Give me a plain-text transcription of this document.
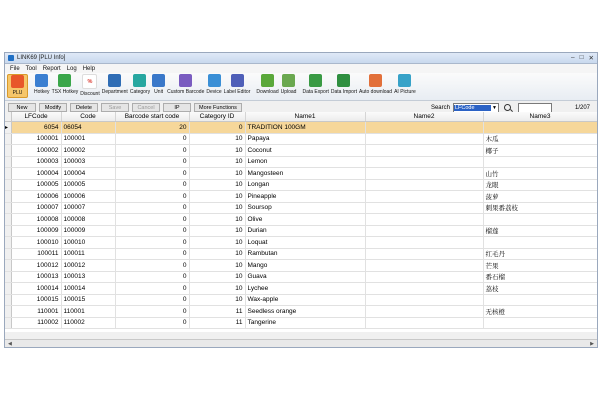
LINK69 [PLU Info]	– □ ✕
File	Tool	Report	Log	Help
PLU Hotkey TSX Hotkey
%
Discount Department Category Unit Custom Barcode Device Label Editor Download Upload Data Export Data Import Auto download AI Picture
New	Modify	Delete	Save	Cancel	IP	More Functions	Search LFCode	▼	1/207
	LFCode	Code	Barcode start code	Category ID	Name1	Name2	Name3
▸	6054	06054	20	0	TRADITION 100GM		
	100001	100001	0	10	Papaya		木瓜
	100002	100002	0	10	Coconut		椰子
	100003	100003	0	10	Lemon		
	100004	100004	0	10	Mangosteen		山竹
	100005	100005	0	10	Longan		龙眼
	100006	100006	0	10	Pineapple		菠萝
	100007	100007	0	10	Soursop		刺果番荔枝
	100008	100008	0	10	Olive		
	100009	100009	0	10	Durian		榴莲
	100010	100010	0	10	Loquat		
	100011	100011	0	10	Rambutan		红毛丹
	100012	100012	0	10	Mango		芒果
	100013	100013	0	10	Guava		番石榴
	100014	100014	0	10	Lychee		荔枝
	100015	100015	0	10	Wax-apple		
	110001	110001	0	11	Seedless orange		无核橙
	110002	110002	0	11	Tangerine		
◀	▶
